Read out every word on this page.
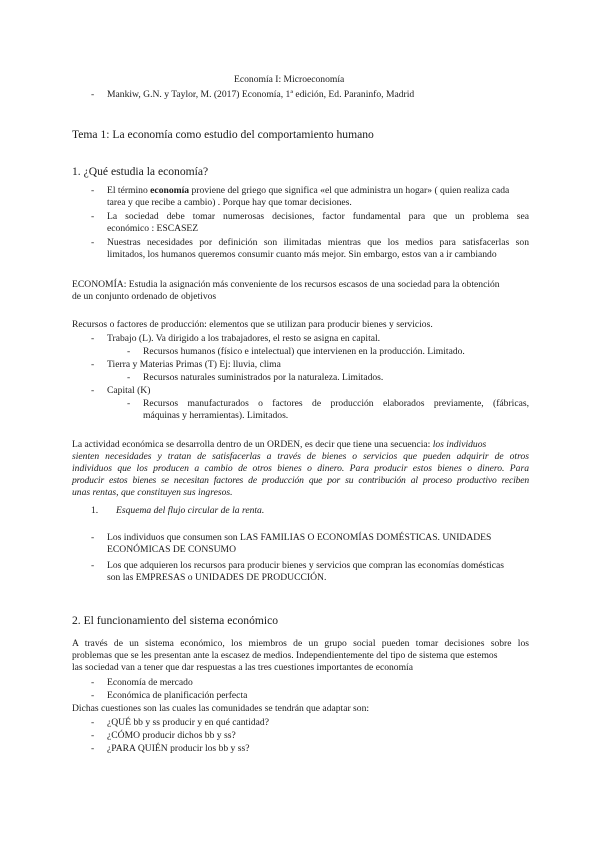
Economía I: Microeconomía
- Mankiw, G.N. y Taylor, M. (2017) Economía, 1ª edición, Ed. Paraninfo, Madrid
Tema 1: La economía como estudio del comportamiento humano
1. ¿Qué estudia la economía?
- El término economía proviene del griego que significa «el que administra un hogar» ( quien realiza cada
tarea y que recibe a cambio) . Porque hay que tomar decisiones.
- La sociedad debe tomar numerosas decisiones, factor fundamental para que un problema sea
económico : ESCASEZ
- Nuestras necesidades por definición son ilimitadas mientras que los medios para satisfacerlas son
limitados, los humanos queremos consumir cuanto más mejor. Sin embargo, estos van a ir cambiando
ECONOMÍA: Estudia la asignación más conveniente de los recursos escasos de una sociedad para la obtención
de un conjunto ordenado de objetivos
Recursos o factores de producción: elementos que se utilizan para producir bienes y servicios.
- Trabajo (L). Va dirigido a los trabajadores, el resto se asigna en capital.
- Recursos humanos (físico e intelectual) que intervienen en la producción. Limitado.
- Tierra y Materias Primas (T) Ej: lluvia, clima
- Recursos naturales suministrados por la naturaleza. Limitados.
- Capital (K)
- Recursos manufacturados o factores de producción elaborados previamente, (fábricas,
máquinas y herramientas). Limitados.
La actividad económica se desarrolla dentro de un ORDEN, es decir que tiene una secuencia: los individuos
sienten necesidades y tratan de satisfacerlas a través de bienes o servicios que pueden adquirir de otros
individuos que los producen a cambio de otros bienes o dinero. Para producir estos bienes o dinero. Para
producir estos bienes se necesitan factores de producción que por su contribución al proceso productivo reciben
unas rentas, que constituyen sus ingresos.
1. Esquema del flujo circular de la renta.
- Los individuos que consumen son LAS FAMILIAS O ECONOMÍAS DOMÉSTICAS. UNIDADES
ECONÓMICAS DE CONSUMO
- Los que adquieren los recursos para producir bienes y servicios que compran las economías domésticas
son las EMPRESAS o UNIDADES DE PRODUCCIÓN.
2. El funcionamiento del sistema económico
A través de un sistema económico, los miembros de un grupo social pueden tomar decisiones sobre los
problemas que se les presentan ante la escasez de medios. Independientemente del tipo de sistema que estemos
las sociedad van a tener que dar respuestas a las tres cuestiones importantes de economía
- Economía de mercado
- Económica de planificación perfecta
Dichas cuestiones son las cuales las comunidades se tendrán que adaptar son:
- ¿QUÉ bb y ss producir y en qué cantidad?
- ¿CÓMO producir dichos bb y ss?
- ¿PARA QUIÉN producir los bb y ss?
